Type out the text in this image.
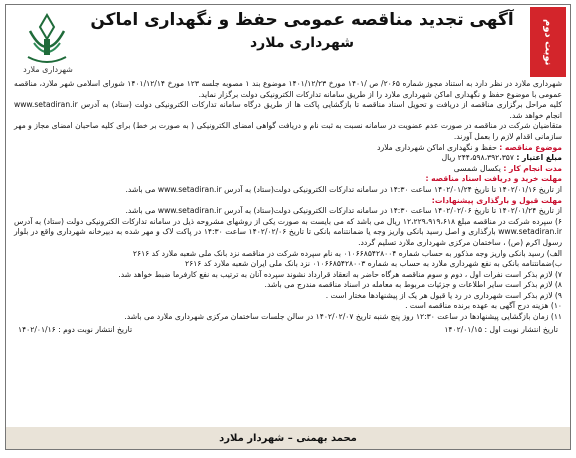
شهرداری ملارد
آگهی تجدید مناقصه عمومی حفظ و نگهداری اماکن
شهرداری ملارد	نوبت دوم

شهرداری ملارد در نظر دارد به استناد مجوز شماره ۲۰۶۵/ ص /۱۴۰۱ مورخ ۱۴۰۱/۱۲/۲۳ موضوع بند ۱ مصوبه جلسه ۱۲۳ مورخ ۱۴۰۱/۱۲/۱۴ شورای اسلامی شهر ملارد، مناقصه عمومی با موضوع حفظ و نگهداری اماکن شهرداری ملارد را از طریق سامانه تدارکات الکترونیکی دولت برگزار نماید.

کلیه مراحل برگزاری مناقصه از دریافت و تحویل اسناد مناقصه تا بازگشایی پاکت ها از طریق درگاه سامانه تدارکات الکترونیکی دولت (ستاد) به آدرس www.setadiran.ir انجام خواهد شد.

متقاضیان شرکت در مناقصه در صورت عدم عضویت در سامانه نسبت به ثبت نام و دریافت گواهی امضای الکترونیکی ( به صورت بر خط) برای کلیه صاحبان امضای مجاز و مهر سازمانی اقدام لازم را بعمل آورند.

موضوع مناقصه : حفظ و نگهداری اماکن شهرداری ملارد

مبلغ اعتبار : ۲۴۴،۵۹۸،۳۹۲،۳۵۷ ریال

مدت انجام کار : یکسال شمسی

مهلت خرید و دریافت اسناد مناقصه :

از تاریخ ۱۴۰۲/۰۱/۱۶ تا تاریخ ۱۴۰۲/۰۱/۲۴ ساعت ۱۴:۳۰ در سامانه تدارکات الکترونیکی دولت(ستاد) به آدرس www.setadiran.ir می باشد.

مهلت قبول و بارگذاری پیشنهادات:

از تاریخ ۱۴۰۲/۰۱/۲۴ تا تاریخ ۱۴۰۲/۰۲/۰۶ ساعت ۱۴:۳۰ در سامانه تدارکات الکترونیکی دولت(ستاد) به آدرس www.setadiran.ir می باشد.

۶) سپرده شرکت در مناقصه مبلغ ۱۲،۲۲۹،۹۱۹،۶۱۸ ریال می باشد که می بایست به صورت یکی از روشهای مشروحه ذیل در سامانه تدارکات الکترونیکی دولت (ستاد) به آدرس www.setadiran.ir بارگذاری و اصل رسید بانکی واریز وجه یا ضمانتنامه بانکی تا تاریخ ۱۴۰۲/۰۲/۰۶ ساعت ۱۴:۳۰ در پاکت لاک و مهر شده به دبیرخانه شهرداری واقع در بلوار رسول اکرم (ص) ، ساختمان مرکزی شهرداری ملارد تسلیم گردد.

الف) رسید بانکی واریز وجه مذکور به حساب شماره ۰۱۰۶۶۸۵۴۲۸۰۰۴ به نام سپرده شرکت در مناقصه نزد بانک ملی شعبه ملارد کد ۲۶۱۶

ب)ضمانتنامه بانکی به نفع شهرداری ملارد به حساب به شماره ۰۱۰۶۶۸۵۴۲۸۰۰۳ نزد بانک ملی ایران شعبه ملارد کد ۲۶۱۶

۷) لازم بذکر است نفرات اول ، دوم و سوم مناقصه هرگاه حاضر به انعقاد قرارداد نشوند سپرده آنان به ترتیب به نفع کارفرما ضبط خواهد شد.

۸) لازم بذکر است سایر اطلاعات و جزئیات مربوط به معامله در اسناد مناقصه مندرج می باشد.

۹) لازم بذکر است شهرداری در رد یا قبول هر یک از پیشنهادها مختار است .

۱۰) هزینه درج آگهی به عهده برنده مناقصه است .

۱۱) زمان بازگشایی پیشنهادها در ساعت ۱۲:۳۰ روز پنج شنبه تاریخ ۱۴۰۲/۰۲/۰۷ در سالن جلسات ساختمان مرکزی شهرداری ملارد می باشد.

تاریخ انتشار نوبت اول : ۱۴۰۲/۰۱/۱۵
تاریخ انتشار نوبت دوم : ۱۴۰۲/۰۱/۱۶
محمد بهمنی – شهردار ملارد
